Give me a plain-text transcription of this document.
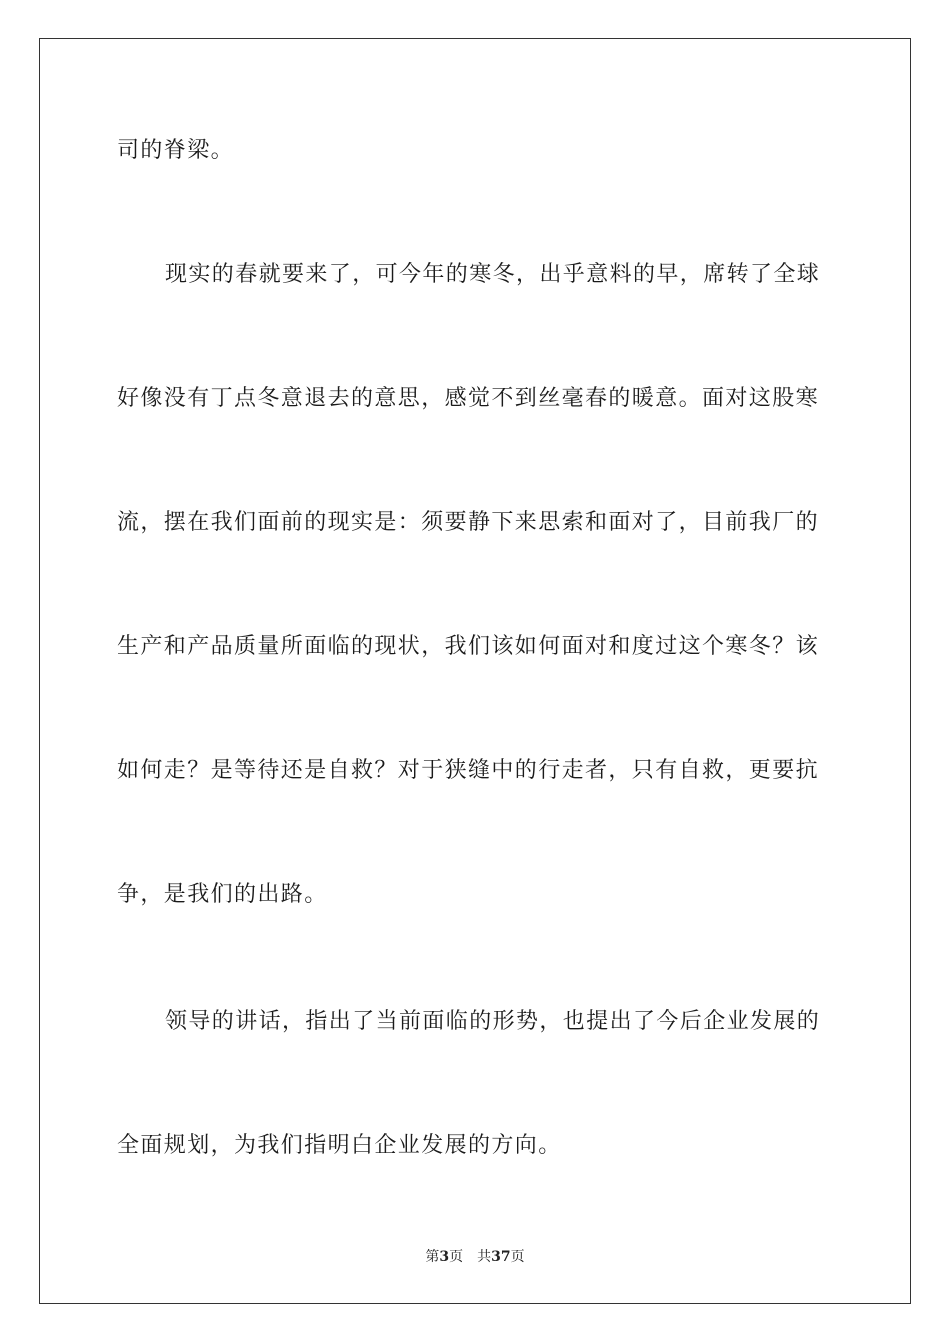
司的脊梁。

现实的春就要来了，可今年的寒冬，出乎意料的早，席转了全球

好像没有丁点冬意退去的意思，感觉不到丝毫春的暖意。面对这股寒

流，摆在我们面前的现实是：须要静下来思索和面对了，目前我厂的

生产和产品质量所面临的现状，我们该如何面对和度过这个寒冬？该

如何走？是等待还是自救？对于狭缝中的行走者，只有自救，更要抗

争，是我们的出路。

领导的讲话，指出了当前面临的形势，也提出了今后企业发展的

全面规划，为我们指明白企业发展的方向。

第3页 共37页
